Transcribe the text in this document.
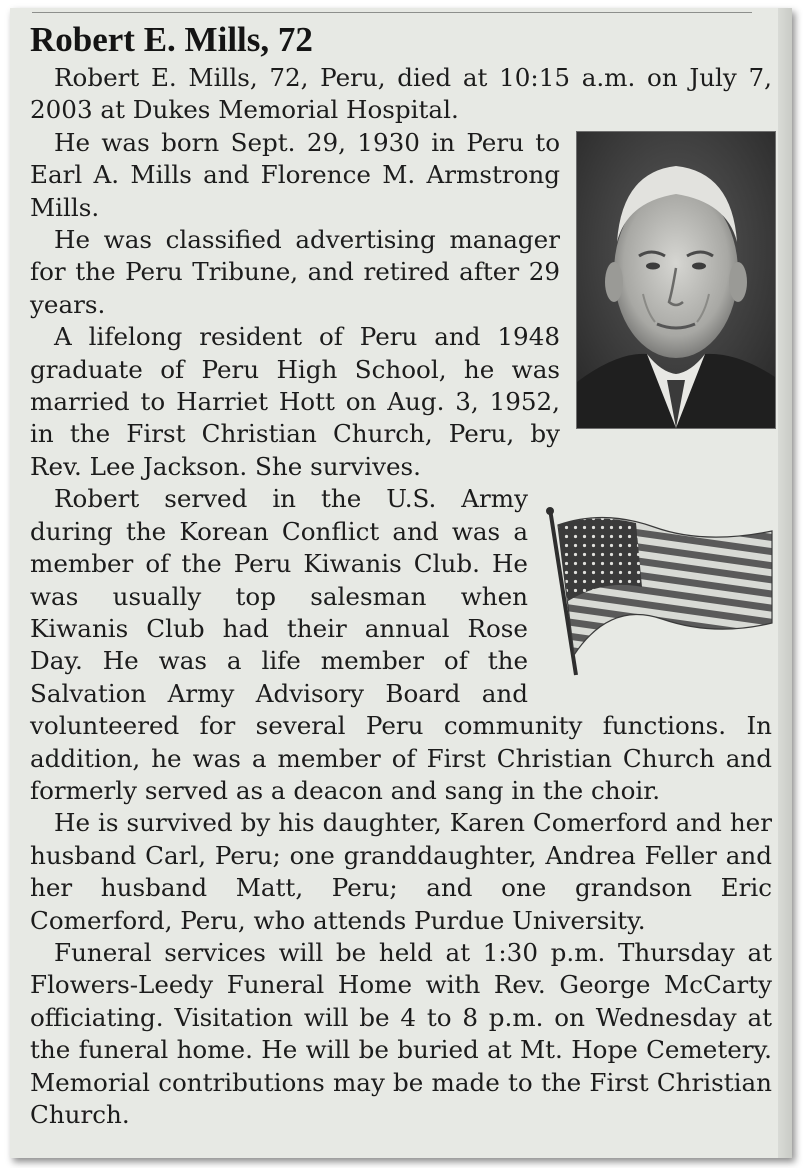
Robert E. Mills, 72

Robert E. Mills, 72, Peru, died at 10:15 a.m. on July 7, 2003 at Dukes Memorial Hospital.

He was born Sept. 29, 1930 in Peru to Earl A. Mills and Florence M. Armstrong Mills.

He was classified advertising manager for the Peru Tribune, and retired after 29 years.

A lifelong resident of Peru and 1948 graduate of Peru High School, he was married to Harriet Hott on Aug. 3, 1952, in the First Christian Church, Peru, by Rev. Lee Jackson. She survives.

Robert served in the U.S. Army during the Korean Conflict and was a member of the Peru Kiwanis Club. He was usually top salesman when Kiwanis Club had their annual Rose Day. He was a life member of the Salvation Army Advisory Board and volunteered for several Peru community functions. In addition, he was a member of First Christian Church and formerly served as a deacon and sang in the choir.

He is survived by his daughter, Karen Comerford and her husband Carl, Peru; one granddaughter, Andrea Feller and her husband Matt, Peru; and one grandson Eric Comerford, Peru, who attends Purdue University.

Funeral services will be held at 1:30 p.m. Thursday at Flowers-Leedy Funeral Home with Rev. George McCarty officiating. Visitation will be 4 to 8 p.m. on Wednesday at the funeral home. He will be buried at Mt. Hope Cemetery. Memorial contributions may be made to the First Christian Church.
